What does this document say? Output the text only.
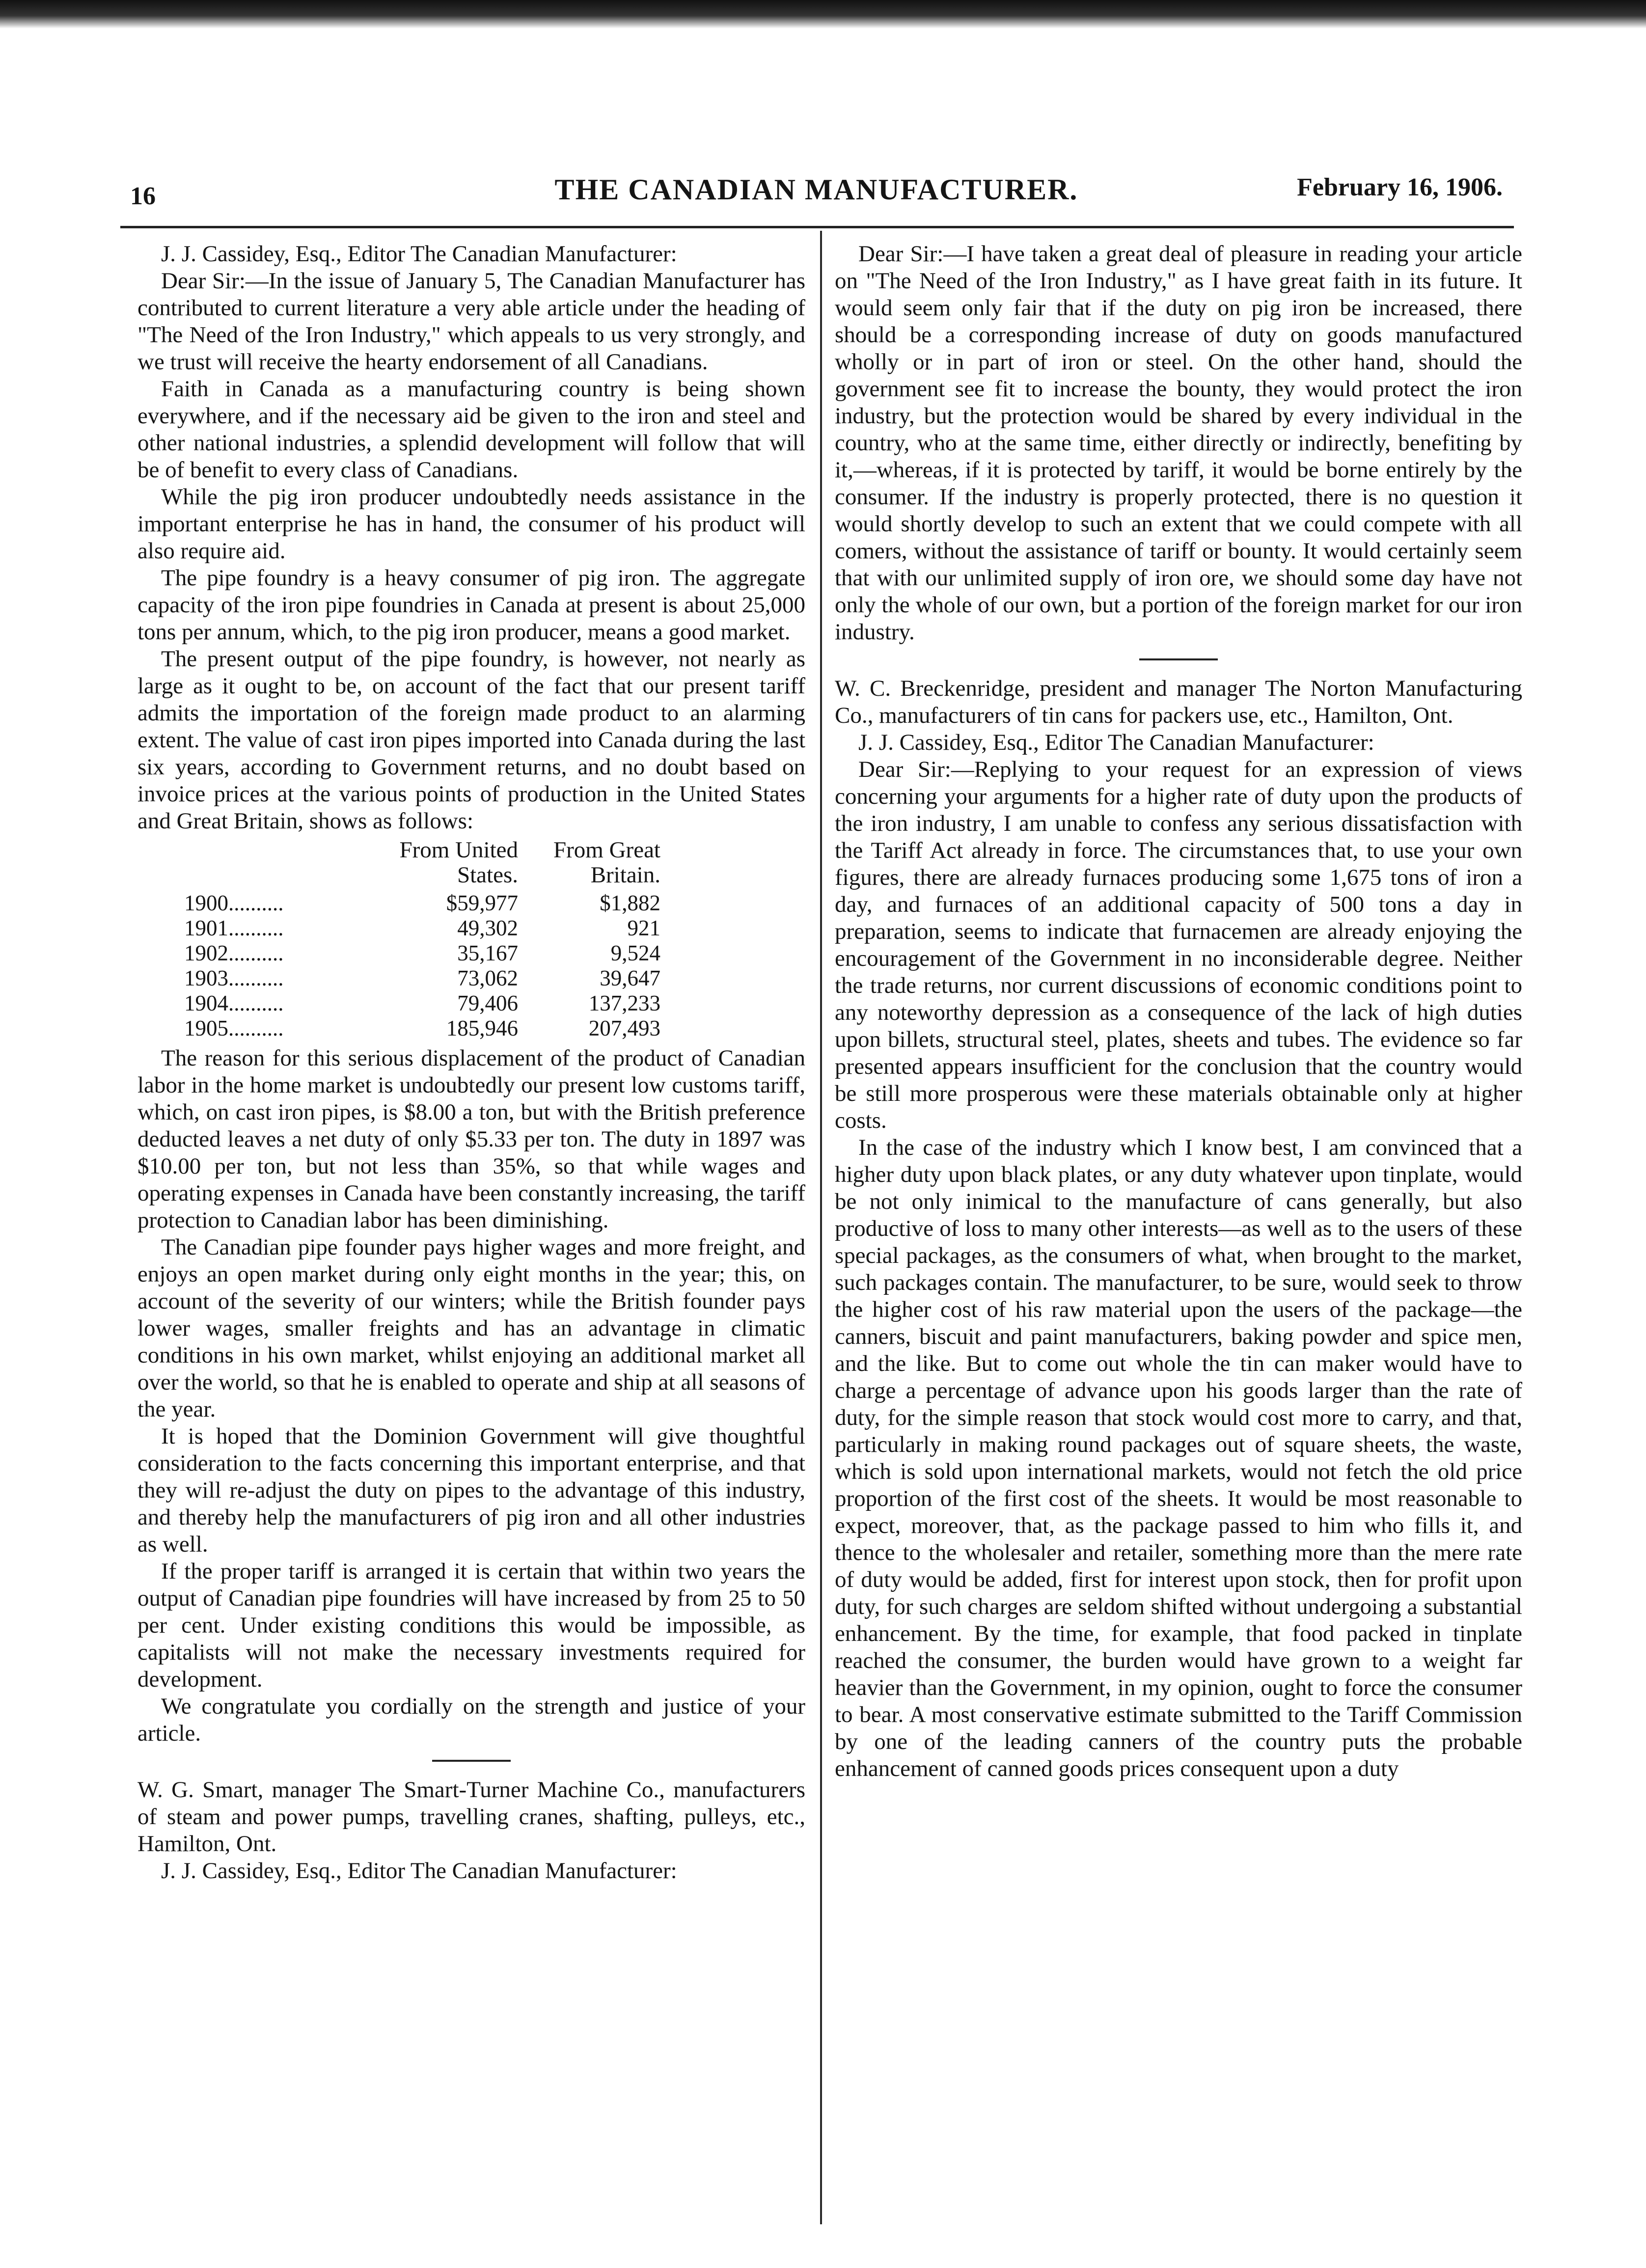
16	THE CANADIAN MANUFACTURER.	February 16, 1906.

J. J. Cassidey, Esq., Editor The Canadian Manufacturer:

Dear Sir:—In the issue of January 5, The Canadian Manufacturer has contributed to current literature a very able article under the heading of "The Need of the Iron Industry," which appeals to us very strongly, and we trust will receive the hearty endorsement of all Canadians.

Faith in Canada as a manufacturing country is being shown everywhere, and if the necessary aid be given to the iron and steel and other national industries, a splendid development will follow that will be of benefit to every class of Canadians.

While the pig iron producer undoubtedly needs assistance in the important enterprise he has in hand, the consumer of his product will also require aid.

The pipe foundry is a heavy consumer of pig iron. The aggregate capacity of the iron pipe foundries in Canada at present is about 25,000 tons per annum, which, to the pig iron producer, means a good market.

The present output of the pipe foundry, is however, not nearly as large as it ought to be, on account of the fact that our present tariff admits the importation of the foreign made product to an alarming extent. The value of cast iron pipes imported into Canada during the last six years, according to Government returns, and no doubt based on invoice prices at the various points of production in the United States and Great Britain, shows as follows:

	From United States.	From Great Britain.
1900..........	$59,977	$1,882
1901..........	49,302	921
1902..........	35,167	9,524
1903..........	73,062	39,647
1904..........	79,406	137,233
1905..........	185,946	207,493

The reason for this serious displacement of the product of Canadian labor in the home market is undoubtedly our present low customs tariff, which, on cast iron pipes, is $8.00 a ton, but with the British preference deducted leaves a net duty of only $5.33 per ton. The duty in 1897 was $10.00 per ton, but not less than 35%, so that while wages and operating expenses in Canada have been constantly increasing, the tariff protection to Canadian labor has been diminishing.

The Canadian pipe founder pays higher wages and more freight, and enjoys an open market during only eight months in the year; this, on account of the severity of our winters; while the British founder pays lower wages, smaller freights and has an advantage in climatic conditions in his own market, whilst enjoying an additional market all over the world, so that he is enabled to operate and ship at all seasons of the year.

It is hoped that the Dominion Government will give thoughtful consideration to the facts concerning this important enterprise, and that they will re-adjust the duty on pipes to the advantage of this industry, and thereby help the manufacturers of pig iron and all other industries as well.

If the proper tariff is arranged it is certain that within two years the output of Canadian pipe foundries will have increased by from 25 to 50 per cent. Under existing conditions this would be impossible, as capitalists will not make the necessary investments required for development.

We congratulate you cordially on the strength and justice of your article.

W. G. Smart, manager The Smart-Turner Machine Co., manufacturers of steam and power pumps, travelling cranes, shafting, pulleys, etc., Hamilton, Ont.

J. J. Cassidey, Esq., Editor The Canadian Manufacturer:

Dear Sir:—I have taken a great deal of pleasure in reading your article on "The Need of the Iron Industry," as I have great faith in its future. It would seem only fair that if the duty on pig iron be increased, there should be a corresponding increase of duty on goods manufactured wholly or in part of iron or steel. On the other hand, should the government see fit to increase the bounty, they would protect the iron industry, but the protection would be shared by every individual in the country, who at the same time, either directly or indirectly, benefiting by it,—whereas, if it is protected by tariff, it would be borne entirely by the consumer. If the industry is properly protected, there is no question it would shortly develop to such an extent that we could compete with all comers, without the assistance of tariff or bounty. It would certainly seem that with our unlimited supply of iron ore, we should some day have not only the whole of our own, but a portion of the foreign market for our iron industry.

W. C. Breckenridge, president and manager The Norton Manufacturing Co., manufacturers of tin cans for packers use, etc., Hamilton, Ont.

J. J. Cassidey, Esq., Editor The Canadian Manufacturer:

Dear Sir:—Replying to your request for an expression of views concerning your arguments for a higher rate of duty upon the products of the iron industry, I am unable to confess any serious dissatisfaction with the Tariff Act already in force. The circumstances that, to use your own figures, there are already furnaces producing some 1,675 tons of iron a day, and furnaces of an additional capacity of 500 tons a day in preparation, seems to indicate that furnacemen are already enjoying the encouragement of the Government in no inconsiderable degree. Neither the trade returns, nor current discussions of economic conditions point to any noteworthy depression as a consequence of the lack of high duties upon billets, structural steel, plates, sheets and tubes. The evidence so far presented appears insufficient for the conclusion that the country would be still more prosperous were these materials obtainable only at higher costs.

In the case of the industry which I know best, I am convinced that a higher duty upon black plates, or any duty whatever upon tinplate, would be not only inimical to the manufacture of cans generally, but also productive of loss to many other interests—as well as to the users of these special packages, as the consumers of what, when brought to the market, such packages contain. The manufacturer, to be sure, would seek to throw the higher cost of his raw material upon the users of the package—the canners, biscuit and paint manufacturers, baking powder and spice men, and the like. But to come out whole the tin can maker would have to charge a percentage of advance upon his goods larger than the rate of duty, for the simple reason that stock would cost more to carry, and that, particularly in making round packages out of square sheets, the waste, which is sold upon international markets, would not fetch the old price proportion of the first cost of the sheets. It would be most reasonable to expect, moreover, that, as the package passed to him who fills it, and thence to the wholesaler and retailer, something more than the mere rate of duty would be added, first for interest upon stock, then for profit upon duty, for such charges are seldom shifted without undergoing a substantial enhancement. By the time, for example, that food packed in tinplate reached the consumer, the burden would have grown to a weight far heavier than the Government, in my opinion, ought to force the consumer to bear. A most conservative estimate submitted to the Tariff Commission by one of the leading canners of the country puts the probable enhancement of canned goods prices consequent upon a duty
